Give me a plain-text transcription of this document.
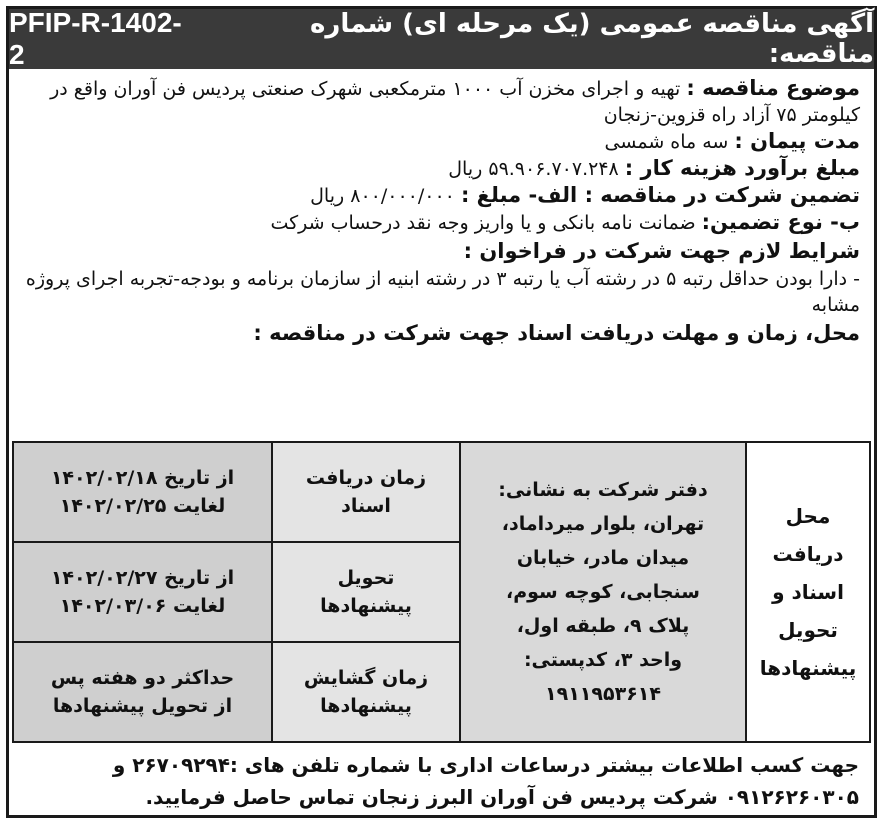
آگهی مناقصه عمومی (یک مرحله ای) شماره مناقصه:
PFIP-R-1402-2

موضوع مناقصه : تهیه و اجرای مخزن آب ۱۰۰۰ مترمکعبی شهرک صنعتی پردیس فن آوران واقع در کیلومتر ۷۵ آزاد راه قزوین-زنجان

مدت پیمان : سه ماه شمسی

مبلغ برآورد هزینه کار : ۵۹.۹۰۶.۷۰۷.۲۴۸ ریال

تضمین شرکت در مناقصه : الف- مبلغ : ۸۰۰/۰۰۰/۰۰۰ ریال

ب- نوع تضمین: ضمانت نامه بانکی و یا واریز وجه نقد درحساب شرکت

شرایط لازم جهت شرکت در فراخوان :

- دارا بودن حداقل رتبه ۵ در رشته آب یا رتبه ۳ در رشته ابنیه از سازمان برنامه و بودجه-تجربه اجرای پروژه مشابه

محل، زمان و مهلت دریافت اسناد جهت شرکت در مناقصه :

محل دریافت
اسناد و
تحویل
پیشنهادها
دفتر شرکت به نشانی:
تهران، بلوار میرداماد،
میدان مادر، خیابان
سنجابی، کوچه سوم،
پلاک ۹، طبقه اول،
واحد ۳، کدپستی:
۱۹۱۱۹۵۳۶۱۴
زمان دریافت
اسناد
از تاریخ ۱۴۰۲/۰۲/۱۸
لغایت ۱۴۰۲/۰۲/۲۵
تحویل
پیشنهادها
از تاریخ ۱۴۰۲/۰۲/۲۷
لغایت ۱۴۰۲/۰۳/۰۶
زمان گشایش
پیشنهادها
حداکثر دو هفته پس
از تحویل پیشنهادها
جهت کسب اطلاعات بیشتر درساعات اداری با شماره تلفن های :۲۶۷۰۹۲۹۴ و ۰۹۱۲۶۲۶۰۳۰۵ شرکت پردیس فن آوران البرز زنجان تماس حاصل فرمایید.
